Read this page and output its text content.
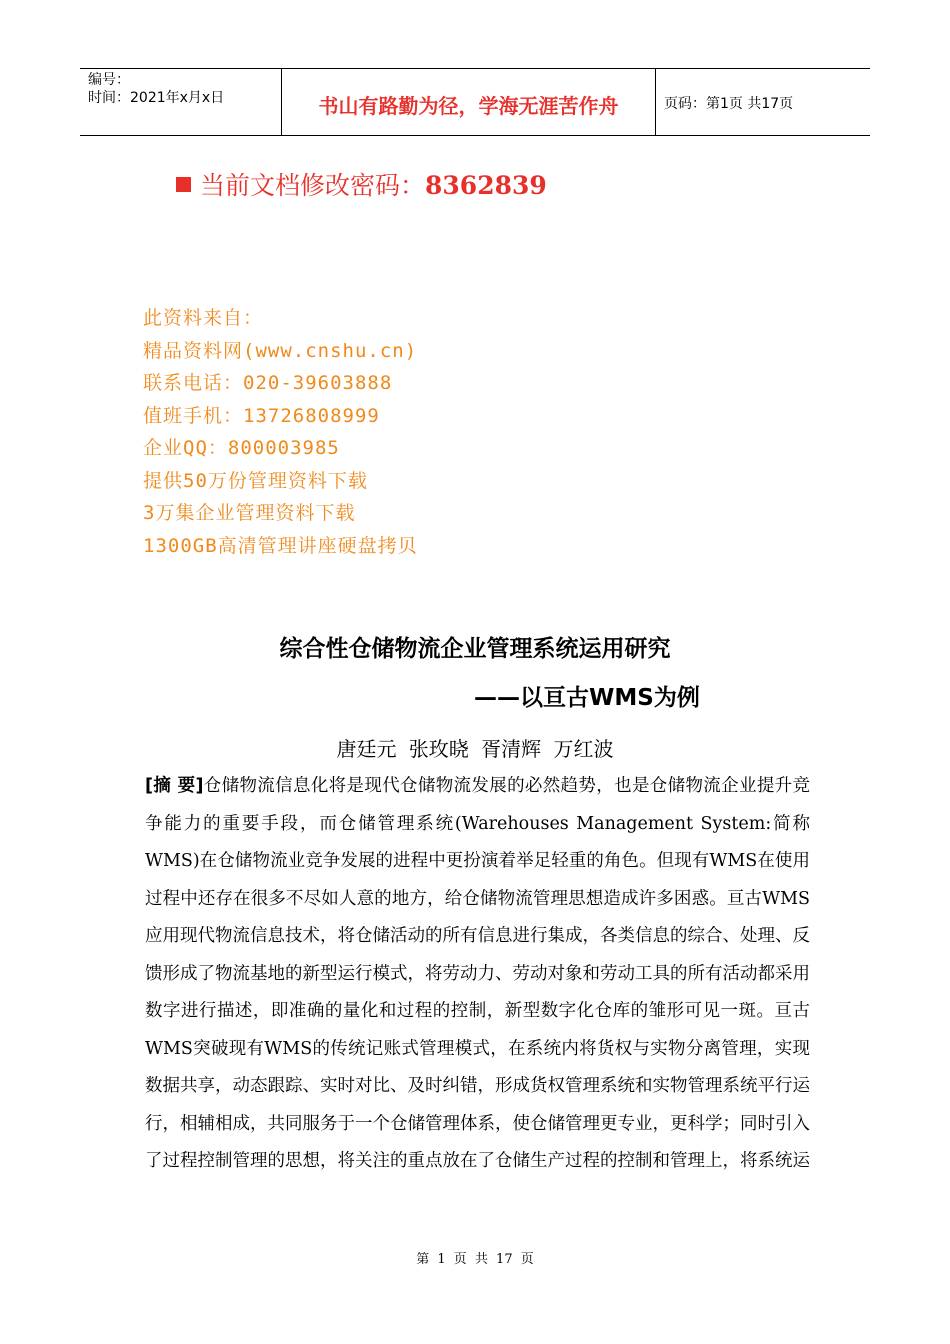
编号：
时间：2021年x月x日	书山有路勤为径，学海无涯苦作舟	页码：第1页 共17页
当前文档修改密码：8362839
此资料来自：
精品资料网(www.cnshu.cn)
联系电话：020-39603888
值班手机：13726808999
企业QQ：800003985
提供50万份管理资料下载
3万集企业管理资料下载
1300GB高清管理讲座硬盘拷贝
综合性仓储物流企业管理系统运用研究
——以亘古WMS为例
唐廷元 张玫晓 胥清辉 万红波
[摘 要]仓储物流信息化将是现代仓储物流发展的必然趋势，也是仓储物流企业提升竞争能力的重要手段，而仓储管理系统(Warehouses Management System:简称WMS)在仓储物流业竞争发展的进程中更扮演着举足轻重的角色。但现有WMS在使用过程中还存在很多不尽如人意的地方，给仓储物流管理思想造成许多困惑。亘古WMS应用现代物流信息技术，将仓储活动的所有信息进行集成，各类信息的综合、处理、反馈形成了物流基地的新型运行模式，将劳动力、劳动对象和劳动工具的所有活动都采用数字进行描述，即准确的量化和过程的控制，新型数字化仓库的雏形可见一斑。亘古WMS突破现有WMS的传统记账式管理模式，在系统内将货权与实物分离管理，实现数据共享，动态跟踪、实时对比、及时纠错，形成货权管理系统和实物管理系统平行运行，相辅相成，共同服务于一个仓储管理体系，使仓储管理更专业，更科学；同时引入了过程控制管理的思想，将关注的重点放在了仓储生产过程的控制和管理上，将系统运
第 1 页 共 17 页
